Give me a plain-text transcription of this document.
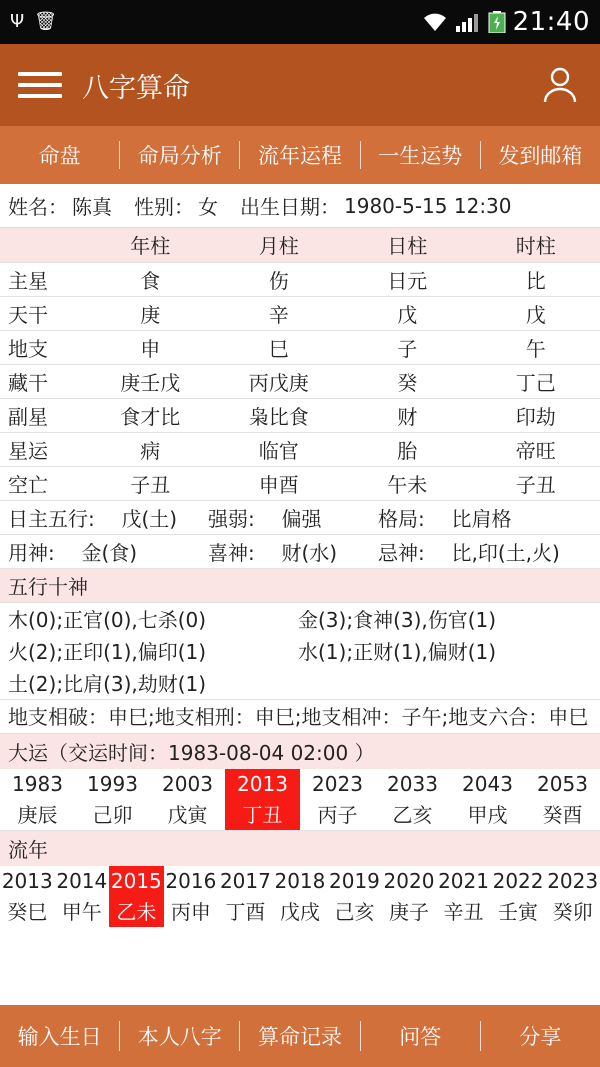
Ψ 🗑	21:40
八字算命
命盘	命局分析	流年运程	一生运势	发到邮箱
姓名： 陈真 性别： 女 出生日期： 1980-5-15 12:30
	年柱	月柱	日柱	时柱
主星	食	伤	日元	比
天干	庚	辛	戊	戊
地支	申	巳	子	午
藏干	庚壬戊	丙戊庚	癸	丁己
副星	食才比	枭比食	财	印劫
星运	病	临官	胎	帝旺
空亡	子丑	申酉	午未	子丑
日主五行: 戊(土)	强弱: 偏强	格局: 比肩格
用神: 金(食)	喜神: 财(水)	忌神: 比,印(土,火)
五行十神
木(0);正官(0),七杀(0)	金(3);食神(3),伤官(1)
火(2);正印(1),偏印(1)	水(1);正财(1),偏财(1)
土(2);比肩(3),劫财(1)
地支相破：申巳;地支相刑：申巳;地支相冲：子午;地支六合：申巳
大运（交运时间：1983-08-04 02:00 ）
1983	1993	2003	2013	2023	2033	2043	2053
庚辰	己卯	戊寅	丁丑	丙子	乙亥	甲戌	癸酉
流年
2013	2014	2015	2016	2017	2018	2019	2020	2021	2022	2023
癸巳	甲午	乙未	丙申	丁酉	戊戌	己亥	庚子	辛丑	壬寅	癸卯
输入生日	本人八字	算命记录	问答	分享
